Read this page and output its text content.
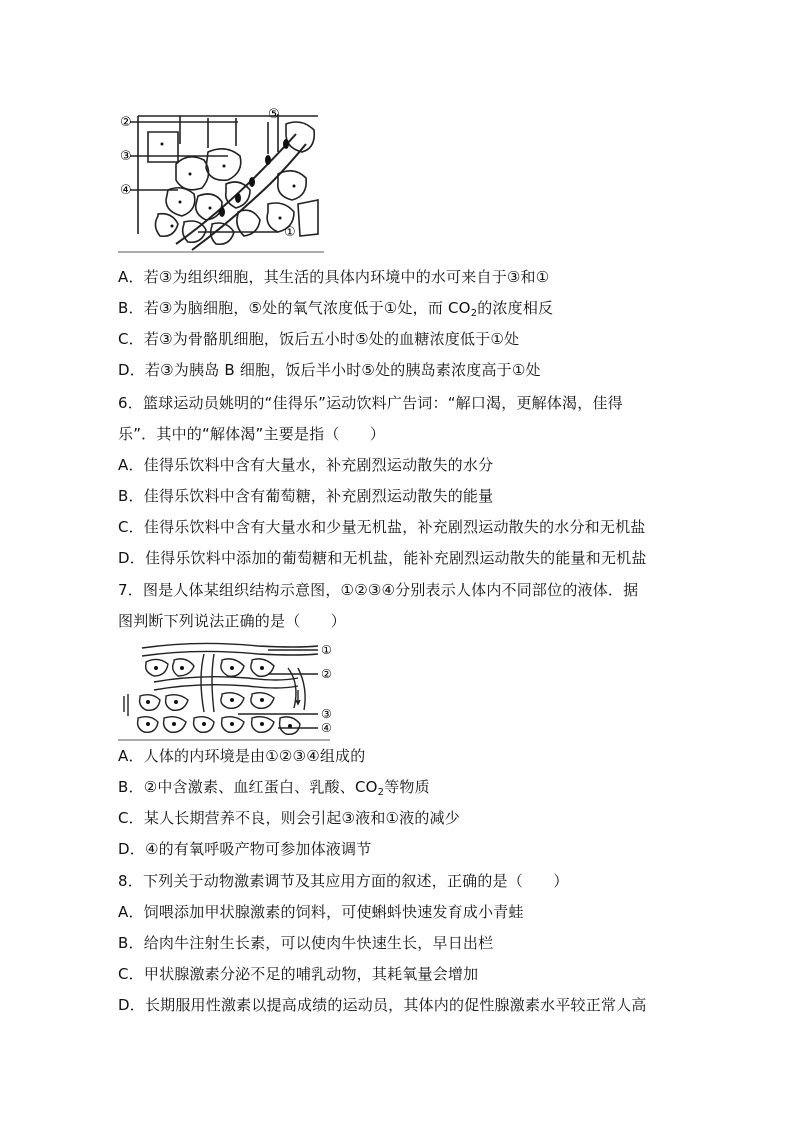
②
③
④
⑤
①
A．若③为组织细胞，其生活的具体内环境中的水可来自于③和①
B．若③为脑细胞，⑤处的氧气浓度低于①处，而 $CO_2$的浓度相反
C．若③为骨骼肌细胞，饭后五小时⑤处的血糖浓度低于①处
D．若③为胰岛 B 细胞，饭后半小时⑤处的胰岛素浓度高于①处
6．篮球运动员姚明的“佳得乐”运动饮料广告词：“解口渴，更解体渴，佳得
乐”．其中的“解体渴”主要是指（　　）
A．佳得乐饮料中含有大量水，补充剧烈运动散失的水分
B．佳得乐饮料中含有葡萄糖，补充剧烈运动散失的能量
C．佳得乐饮料中含有大量水和少量无机盐，补充剧烈运动散失的水分和无机盐
D．佳得乐饮料中添加的葡萄糖和无机盐，能补充剧烈运动散失的能量和无机盐
7．图是人体某组织结构示意图，①②③④分别表示人体内不同部位的液体．据
图判断下列说法正确的是（　　）
①
②
③
④
A．人体的内环境是由①②③④组成的
B．②中含激素、血红蛋白、乳酸、$CO_2$等物质
C．某人长期营养不良，则会引起③液和①液的减少
D．④的有氧呼吸产物可参加体液调节
8．下列关于动物激素调节及其应用方面的叙述，正确的是（　　）
A．饲喂添加甲状腺激素的饲料，可使蝌蚪快速发育成小青蛙
B．给肉牛注射生长素，可以使肉牛快速生长，早日出栏
C．甲状腺激素分泌不足的哺乳动物，其耗氧量会增加
D．长期服用性激素以提高成绩的运动员，其体内的促性腺激素水平较正常人高
